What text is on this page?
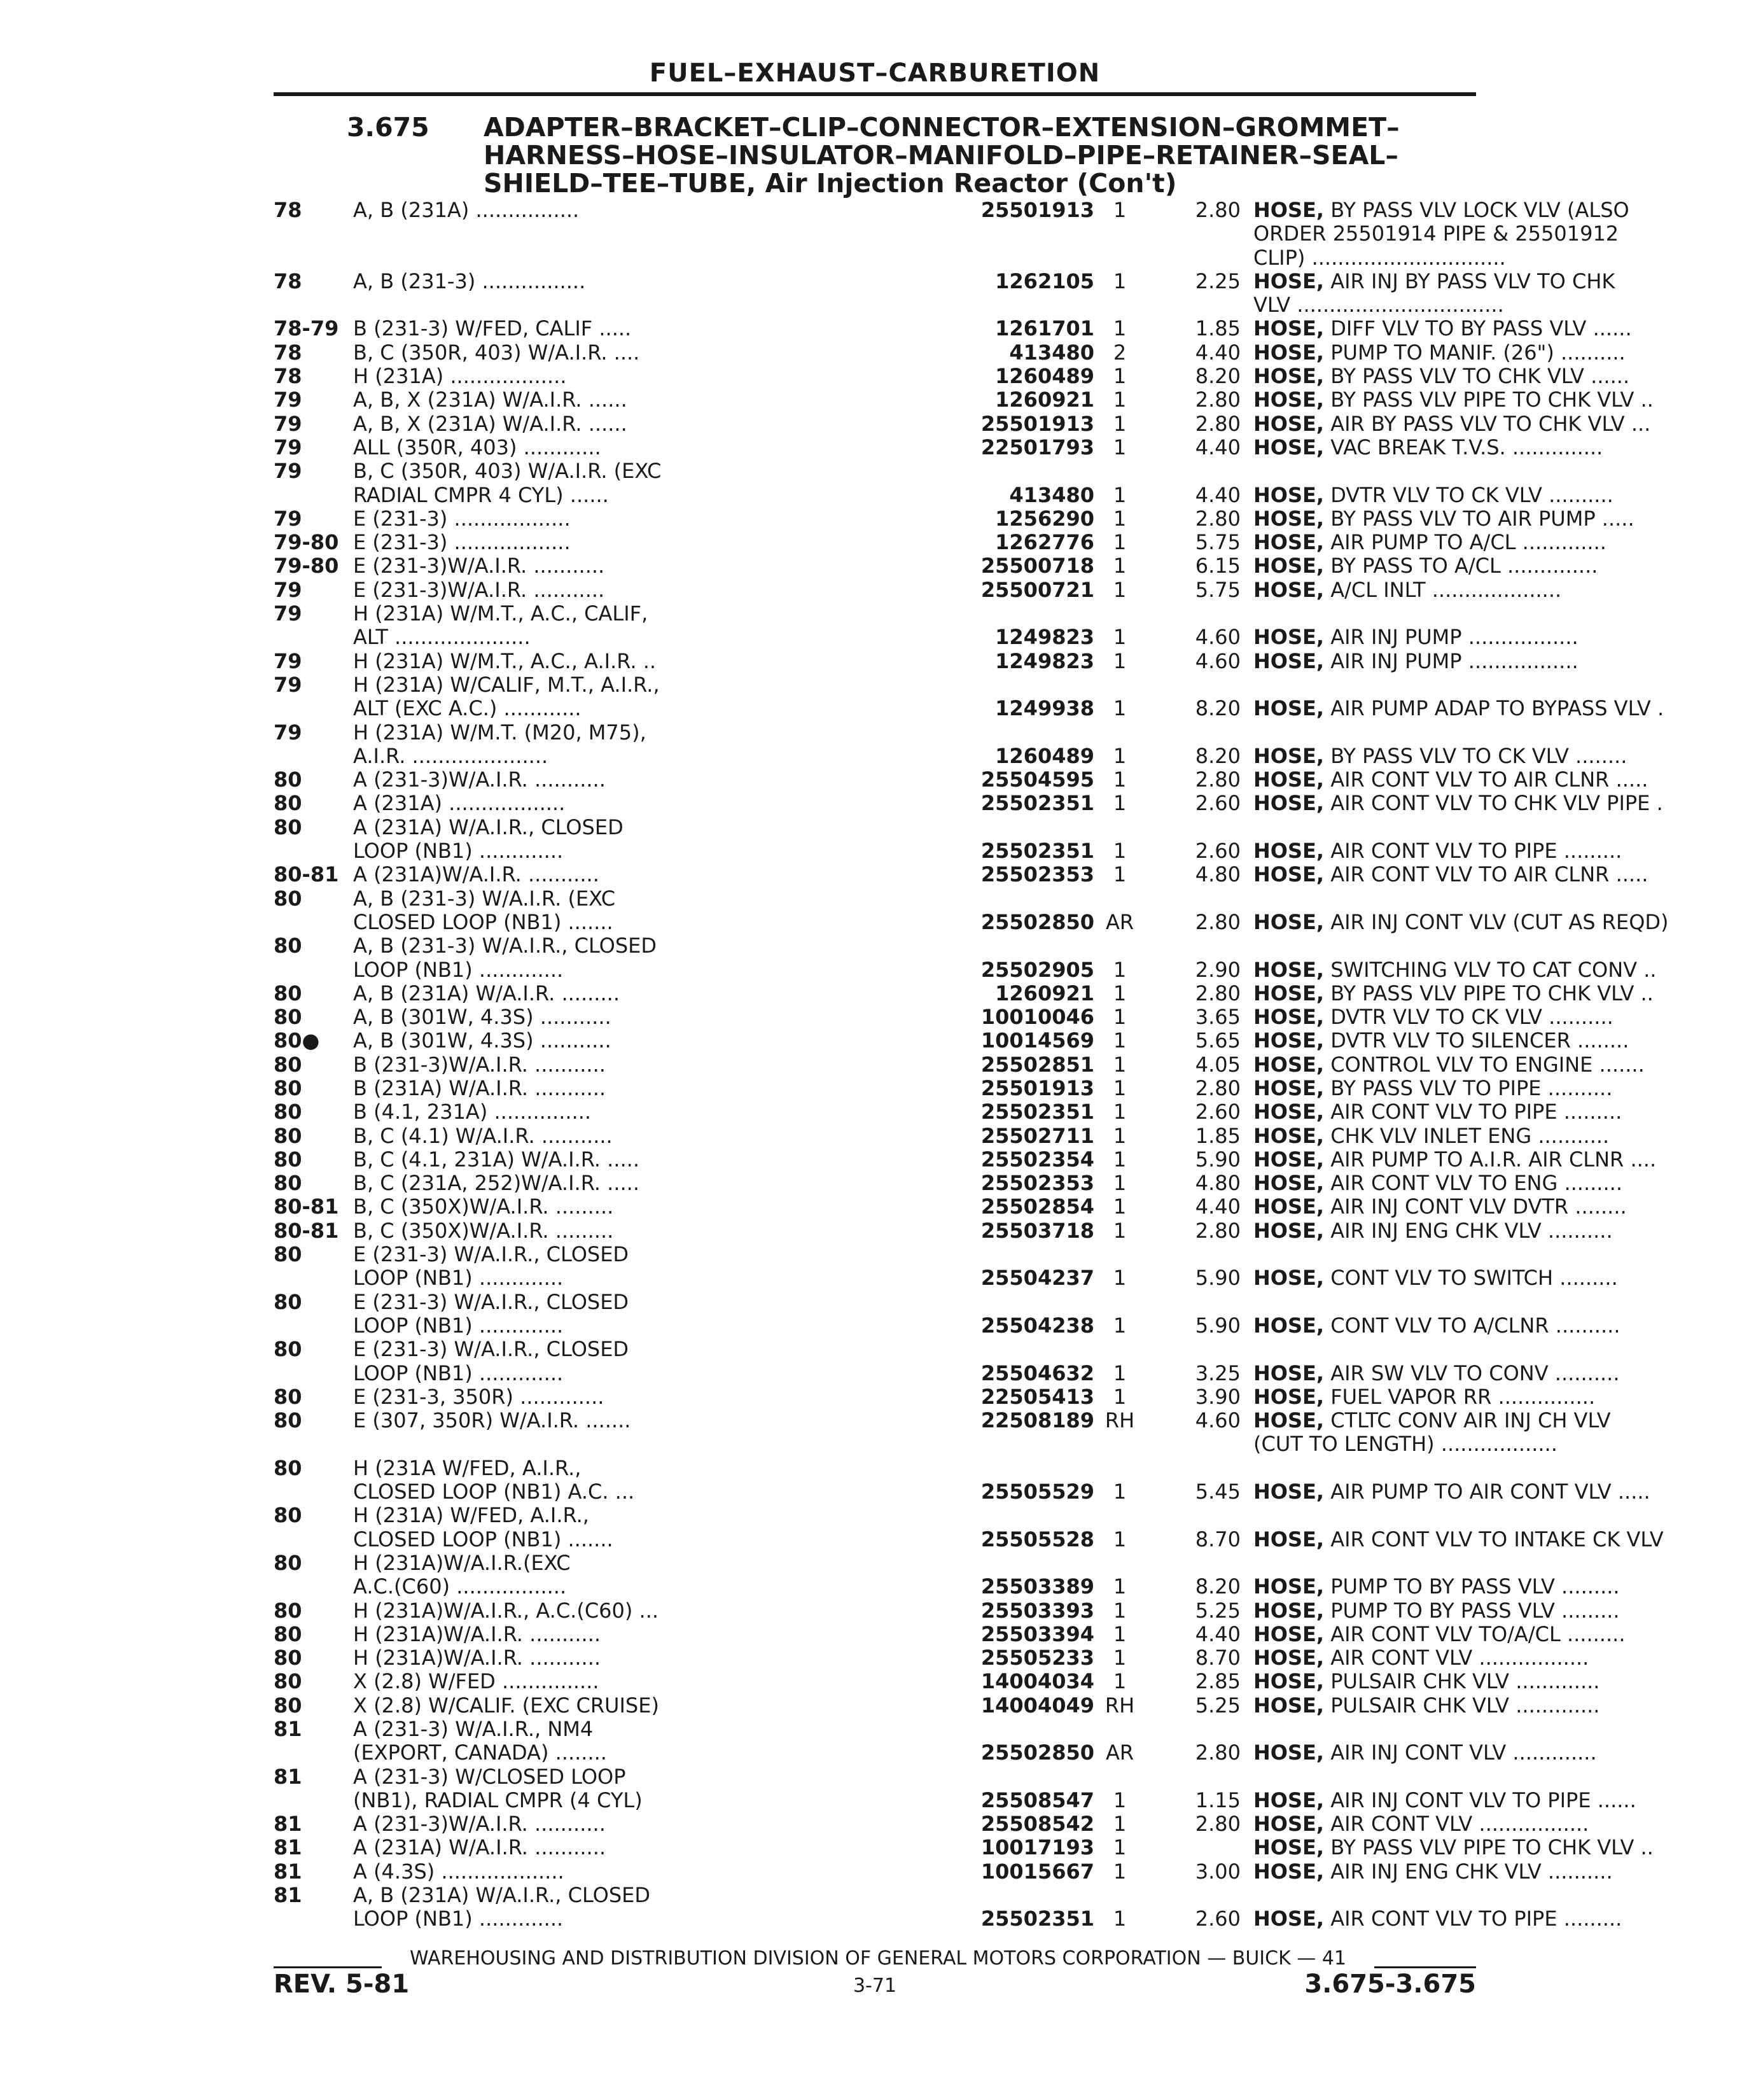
FUEL–EXHAUST–CARBURETION
3.675 ADAPTER–BRACKET–CLIP–CONNECTOR–EXTENSION–GROMMET–
HARNESS–HOSE–INSULATOR–MANIFOLD–PIPE–RETAINER–SEAL–
SHIELD–TEE–TUBE, Air Injection Reactor (Con't)
78	A, B (231A) ................	25501913 1	2.80 HOSE, BY PASS VLV LOCK VLV (ALSO
ORDER 25501914 PIPE & 25501912
CLIP) ..............................
78	A, B (231-3) ................	1262105 1	2.25 HOSE, AIR INJ BY PASS VLV TO CHK
VLV ................................
78-79 B (231-3) W/FED, CALIF .....	1261701 1	1.85 HOSE, DIFF VLV TO BY PASS VLV ......
78	B, C (350R, 403) W/A.I.R. ....	413480 2	4.40 HOSE, PUMP TO MANIF. (26") ..........
78	H (231A) ..................	1260489 1	8.20 HOSE, BY PASS VLV TO CHK VLV ......
79	A, B, X (231A) W/A.I.R. ......	1260921 1	2.80 HOSE, BY PASS VLV PIPE TO CHK VLV ..
79	A, B, X (231A) W/A.I.R. ......	25501913 1	2.80 HOSE, AIR BY PASS VLV TO CHK VLV ...
79	ALL (350R, 403) ............	22501793 1	4.40 HOSE, VAC BREAK T.V.S. ..............
79	B, C (350R, 403) W/A.I.R. (EXC
RADIAL CMPR 4 CYL) ......	413480 1	4.40 HOSE, DVTR VLV TO CK VLV ..........
79	E (231-3) ..................	1256290 1	2.80 HOSE, BY PASS VLV TO AIR PUMP .....
79-80 E (231-3) ..................	1262776 1	5.75 HOSE, AIR PUMP TO A/CL .............
79-80 E (231-3)W/A.I.R. ...........	25500718 1	6.15 HOSE, BY PASS TO A/CL ..............
79	E (231-3)W/A.I.R. ...........	25500721 1	5.75 HOSE, A/CL INLT ....................
79	H (231A) W/M.T., A.C., CALIF,
ALT .....................	1249823 1	4.60 HOSE, AIR INJ PUMP .................
79	H (231A) W/M.T., A.C., A.I.R. ..	1249823 1	4.60 HOSE, AIR INJ PUMP .................
79	H (231A) W/CALIF, M.T., A.I.R.,
ALT (EXC A.C.) ............	1249938 1	8.20 HOSE, AIR PUMP ADAP TO BYPASS VLV .
79	H (231A) W/M.T. (M20, M75),
A.I.R. .....................	1260489 1	8.20 HOSE, BY PASS VLV TO CK VLV ........
80	A (231-3)W/A.I.R. ...........	25504595 1	2.80 HOSE, AIR CONT VLV TO AIR CLNR .....
80	A (231A) ..................	25502351 1	2.60 HOSE, AIR CONT VLV TO CHK VLV PIPE .
80	A (231A) W/A.I.R., CLOSED
LOOP (NB1) .............	25502351 1	2.60 HOSE, AIR CONT VLV TO PIPE .........
80-81 A (231A)W/A.I.R. ...........	25502353 1	4.80 HOSE, AIR CONT VLV TO AIR CLNR .....
80	A, B (231-3) W/A.I.R. (EXC
CLOSED LOOP (NB1) .......	25502850 AR	2.80 HOSE, AIR INJ CONT VLV (CUT AS REQD)
80	A, B (231-3) W/A.I.R., CLOSED
LOOP (NB1) .............	25502905 1	2.90 HOSE, SWITCHING VLV TO CAT CONV ..
80	A, B (231A) W/A.I.R. .........	1260921 1	2.80 HOSE, BY PASS VLV PIPE TO CHK VLV ..
80	A, B (301W, 4.3S) ...........	10010046 1	3.65 HOSE, DVTR VLV TO CK VLV ..........
80● A, B (301W, 4.3S) ...........	10014569 1	5.65 HOSE, DVTR VLV TO SILENCER ........
80	B (231-3)W/A.I.R. ...........	25502851 1	4.05 HOSE, CONTROL VLV TO ENGINE .......
80	B (231A) W/A.I.R. ...........	25501913 1	2.80 HOSE, BY PASS VLV TO PIPE ..........
80	B (4.1, 231A) ...............	25502351 1	2.60 HOSE, AIR CONT VLV TO PIPE .........
80	B, C (4.1) W/A.I.R. ...........	25502711 1	1.85 HOSE, CHK VLV INLET ENG ...........
80	B, C (4.1, 231A) W/A.I.R. .....	25502354 1	5.90 HOSE, AIR PUMP TO A.I.R. AIR CLNR ....
80	B, C (231A, 252)W/A.I.R. .....	25502353 1	4.80 HOSE, AIR CONT VLV TO ENG .........
80-81 B, C (350X)W/A.I.R. .........	25502854 1	4.40 HOSE, AIR INJ CONT VLV DVTR ........
80-81 B, C (350X)W/A.I.R. .........	25503718 1	2.80 HOSE, AIR INJ ENG CHK VLV ..........
80	E (231-3) W/A.I.R., CLOSED
LOOP (NB1) .............	25504237 1	5.90 HOSE, CONT VLV TO SWITCH .........
80	E (231-3) W/A.I.R., CLOSED
LOOP (NB1) .............	25504238 1	5.90 HOSE, CONT VLV TO A/CLNR ..........
80	E (231-3) W/A.I.R., CLOSED
LOOP (NB1) .............	25504632 1	3.25 HOSE, AIR SW VLV TO CONV ..........
80	E (231-3, 350R) .............	22505413 1	3.90 HOSE, FUEL VAPOR RR ...............
80	E (307, 350R) W/A.I.R. .......	22508189 RH	4.60 HOSE, CTLTC CONV AIR INJ CH VLV
(CUT TO LENGTH) ..................
80	H (231A W/FED, A.I.R.,
CLOSED LOOP (NB1) A.C. ...	25505529 1	5.45 HOSE, AIR PUMP TO AIR CONT VLV .....
80	H (231A) W/FED, A.I.R.,
CLOSED LOOP (NB1) .......	25505528 1	8.70 HOSE, AIR CONT VLV TO INTAKE CK VLV
80	H (231A)W/A.I.R.(EXC
A.C.(C60) .................	25503389 1	8.20 HOSE, PUMP TO BY PASS VLV .........
80	H (231A)W/A.I.R., A.C.(C60) ...	25503393 1	5.25 HOSE, PUMP TO BY PASS VLV .........
80	H (231A)W/A.I.R. ...........	25503394 1	4.40 HOSE, AIR CONT VLV TO/A/CL .........
80	H (231A)W/A.I.R. ...........	25505233 1	8.70 HOSE, AIR CONT VLV .................
80	X (2.8) W/FED ...............	14004034 1	2.85 HOSE, PULSAIR CHK VLV .............
80	X (2.8) W/CALIF. (EXC CRUISE)	14004049 RH	5.25 HOSE, PULSAIR CHK VLV .............
81	A (231-3) W/A.I.R., NM4
(EXPORT, CANADA) ........	25502850 AR	2.80 HOSE, AIR INJ CONT VLV .............
81	A (231-3) W/CLOSED LOOP
(NB1), RADIAL CMPR (4 CYL)	25508547 1	1.15 HOSE, AIR INJ CONT VLV TO PIPE ......
81	A (231-3)W/A.I.R. ...........	25508542 1	2.80 HOSE, AIR CONT VLV .................
81	A (231A) W/A.I.R. ...........	10017193 1	HOSE, BY PASS VLV PIPE TO CHK VLV ..
81	A (4.3S) ...................	10015667 1	3.00 HOSE, AIR INJ ENG CHK VLV ..........
81	A, B (231A) W/A.I.R., CLOSED
LOOP (NB1) .............	25502351 1	2.60 HOSE, AIR CONT VLV TO PIPE .........
WAREHOUSING AND DISTRIBUTION DIVISION OF GENERAL MOTORS CORPORATION — BUICK — 41
REV. 5-81	3-71	3.675-3.675
